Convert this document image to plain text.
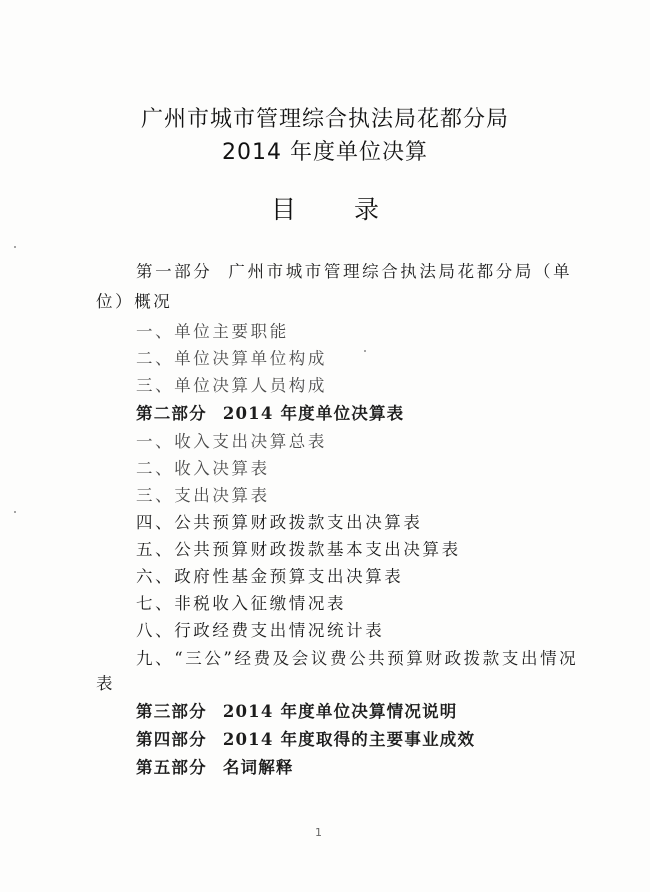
广州市城市管理综合执法局花都分局
2014 年度单位决算
目 录
第一部分 广州市城市管理综合执法局花都分局（单
位）概况
一、单位主要职能
二、单位决算单位构成
三、单位决算人员构成
第二部分 2014 年度单位决算表
一、收入支出决算总表
二、收入决算表
三、支出决算表
四、公共预算财政拨款支出决算表
五、公共预算财政拨款基本支出决算表
六、政府性基金预算支出决算表
七、非税收入征缴情况表
八、行政经费支出情况统计表
九、“三公”经费及会议费公共预算财政拨款支出情况
表
第三部分 2014 年度单位决算情况说明
第四部分 2014 年度取得的主要事业成效
第五部分 名词解释
1
